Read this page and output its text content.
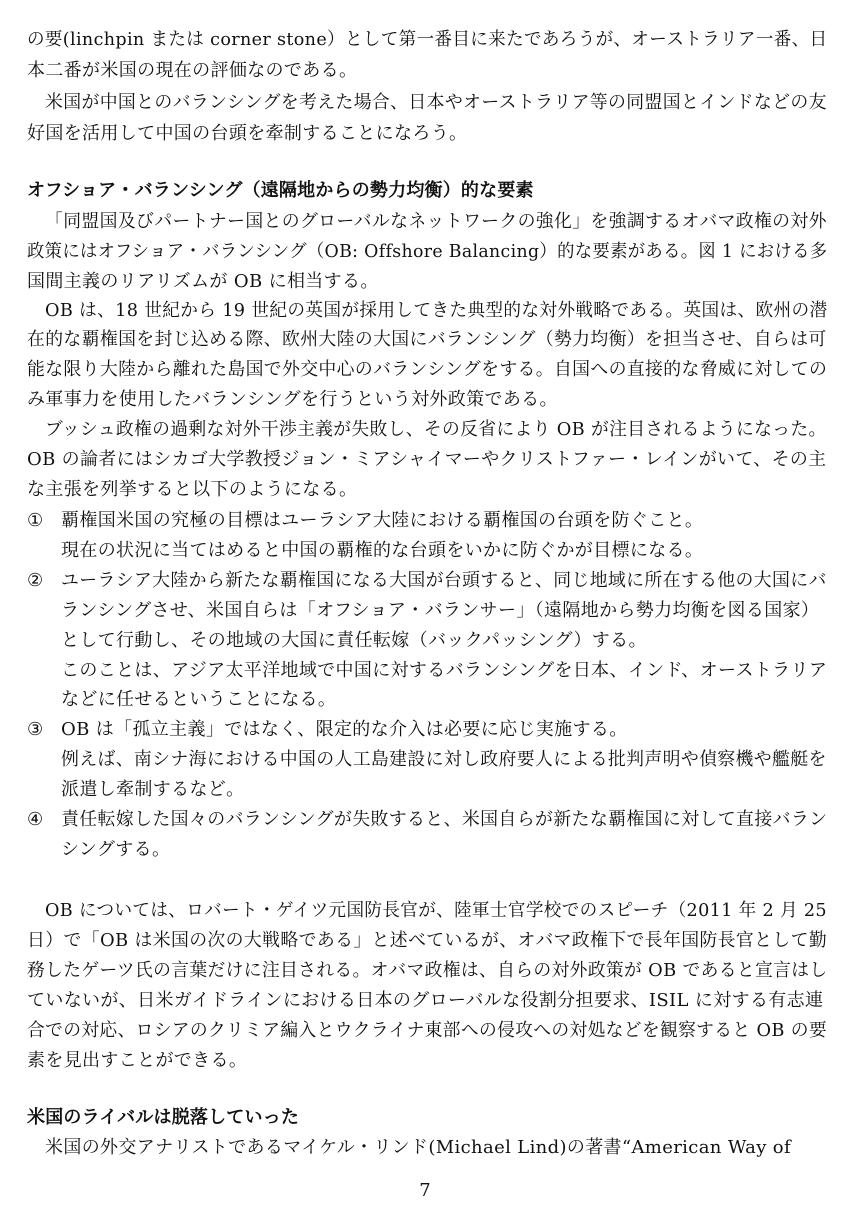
の要(linchpin または corner stone）として第一番目に来たであろうが、オーストラリア一番、日
本二番が米国の現在の評価なのである。
米国が中国とのバランシングを考えた場合、日本やオーストラリア等の同盟国とインドなどの友
好国を活用して中国の台頭を牽制することになろう。
オフショア・バランシング（遠隔地からの勢力均衡）的な要素
「同盟国及びパートナー国とのグローバルなネットワークの強化」を強調するオバマ政権の対外
政策にはオフショア・バランシング（OB: Offshore Balancing）的な要素がある。図 1 における多
国間主義のリアリズムが OB に相当する。
OB は、18 世紀から 19 世紀の英国が採用してきた典型的な対外戦略である。英国は、欧州の潜
在的な覇権国を封じ込める際、欧州大陸の大国にバランシング（勢力均衡）を担当させ、自らは可
能な限り大陸から離れた島国で外交中心のバランシングをする。自国への直接的な脅威に対しての
み軍事力を使用したバランシングを行うという対外政策である。
ブッシュ政権の過剰な対外干渉主義が失敗し、その反省により OB が注目されるようになった。
OB の論者にはシカゴ大学教授ジョン・ミアシャイマーやクリストファー・レインがいて、その主
な主張を列挙すると以下のようになる。
① 覇権国米国の究極の目標はユーラシア大陸における覇権国の台頭を防ぐこと。
現在の状況に当てはめると中国の覇権的な台頭をいかに防ぐかが目標になる。
② ユーラシア大陸から新たな覇権国になる大国が台頭すると、同じ地域に所在する他の大国にバ
ランシングさせ、米国自らは「オフショア・バランサー」（遠隔地から勢力均衡を図る国家）
として行動し、その地域の大国に責任転嫁（バックパッシング）する。
このことは、アジア太平洋地域で中国に対するバランシングを日本、インド、オーストラリア
などに任せるということになる。
③ OB は「孤立主義」ではなく、限定的な介入は必要に応じ実施する。
例えば、南シナ海における中国の人工島建設に対し政府要人による批判声明や偵察機や艦艇を
派遣し牽制するなど。
④ 責任転嫁した国々のバランシングが失敗すると、米国自らが新たな覇権国に対して直接バラン
シングする。
OB については、ロバート・ゲイツ元国防長官が、陸軍士官学校でのスピーチ（2011 年 2 月 25
日）で「OB は米国の次の大戦略である」と述べているが、オバマ政権下で長年国防長官として勤
務したゲーツ氏の言葉だけに注目される。オバマ政権は、自らの対外政策が OB であると宣言はし
ていないが、日米ガイドラインにおける日本のグローバルな役割分担要求、ISIL に対する有志連
合での対応、ロシアのクリミア編入とウクライナ東部への侵攻への対処などを観察すると OB の要
素を見出すことができる。
米国のライバルは脱落していった
米国の外交アナリストであるマイケル・リンド(Michael Lind)の著書“American Way of
7
